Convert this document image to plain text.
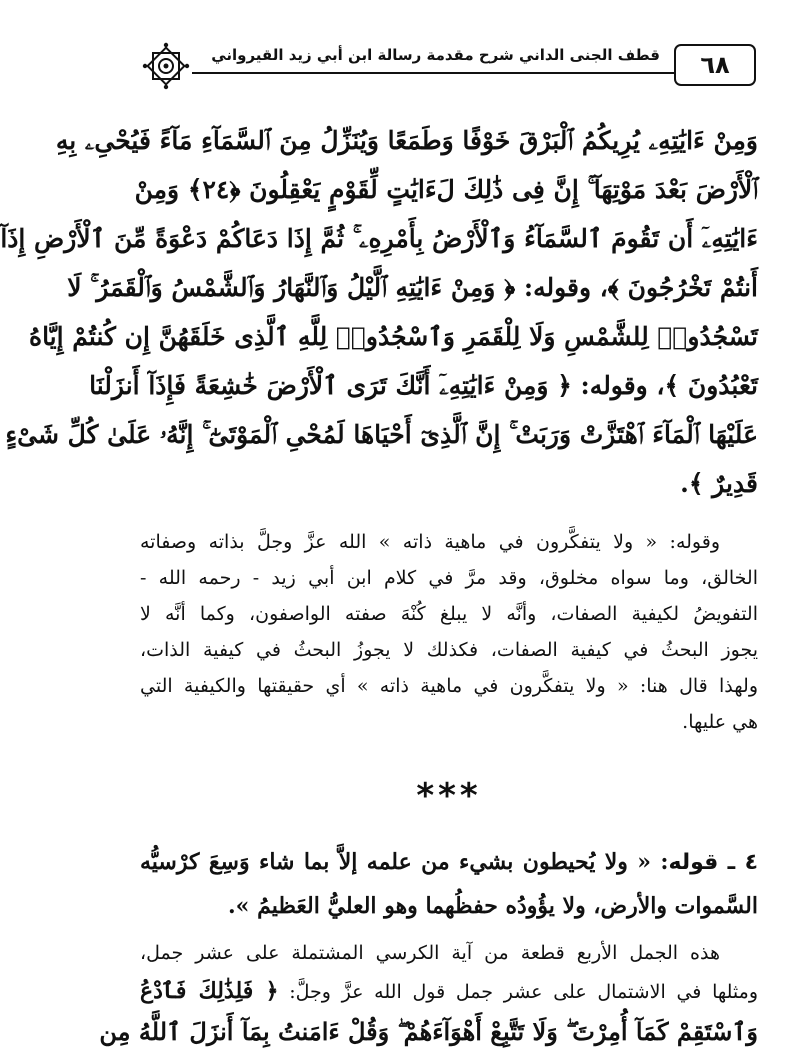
قطف الجنى الداني شرح مقدمة رسالة ابن أبي زيد القيرواني	٦٨
وَمِنْ ءَايَٰتِهِۦ يُرِيكُمُ ٱلْبَرْقَ خَوْفًا وَطَمَعًا وَيُنَزِّلُ مِنَ ٱلسَّمَآءِ مَآءً فَيُحْىِۦ بِهِ
ٱلْأَرْضَ بَعْدَ مَوْتِهَآ ۚ إِنَّ فِى ذَٰلِكَ لَءَايَٰتٍ لِّقَوْمٍ يَعْقِلُونَ ﴿٢٤﴾ وَمِنْ
ءَايَٰتِهِۦٓ أَن تَقُومَ ٱلسَّمَآءُ وَٱلْأَرْضُ بِأَمْرِهِۦ ۚ ثُمَّ إِذَا دَعَاكُمْ دَعْوَةً مِّنَ ٱلْأَرْضِ إِذَآ
أَنتُمْ تَخْرُجُونَ ﴾، وقوله: ﴿ وَمِنْ ءَايَٰتِهِ ٱلَّيْلُ وَٱلنَّهَارُ وَٱلشَّمْسُ وَٱلْقَمَرُ ۚ لَا
تَسْجُدُوا۟ لِلشَّمْسِ وَلَا لِلْقَمَرِ وَٱسْجُدُوا۟ لِلَّهِ ٱلَّذِى خَلَقَهُنَّ إِن كُنتُمْ إِيَّاهُ
تَعْبُدُونَ ﴾، وقوله: ﴿ وَمِنْ ءَايَٰتِهِۦٓ أَنَّكَ تَرَى ٱلْأَرْضَ خَٰشِعَةً فَإِذَآ أَنزَلْنَا
عَلَيْهَا ٱلْمَآءَ ٱهْتَزَّتْ وَرَبَتْ ۚ إِنَّ ٱلَّذِىٓ أَحْيَاهَا لَمُحْىِ ٱلْمَوْتَىٰٓ ۚ إِنَّهُۥ عَلَىٰ كُلِّ شَىْءٍ
قَدِيرٌ ﴾.
وقوله: « ولا يتفكَّرون في ماهية ذاته » الله عزَّ وجلَّ بذاته وصفاته
الخالق، وما سواه مخلوق، وقد مرَّ في كلام ابن أبي زيد - رحمه الله -
التفويضُ لكيفية الصفات، وأنَّه لا يبلغ كُنْهَ صفته الواصفون، وكما أنَّه لا
يجوز البحثُ في كيفية الصفات، فكذلك لا يجوزُ البحثُ في كيفية الذات،
ولهذا قال هنا: « ولا يتفكَّرون في ماهية ذاته » أي حقيقتها والكيفية التي
هي عليها.
***
٤ ـ قوله: « ولا يُحيطون بشيء من علمه إلاَّ بما شاء وَسِعَ كرْسيُّه
السَّموات والأرض، ولا يؤُودُه حفظُهما وهو العليُّ العَظيمُ ».
هذه الجمل الأربع قطعة من آية الكرسي المشتملة على عشر جمل،
ومثلها في الاشتمال على عشر جمل قول الله عزَّ وجلَّ: ﴿ فَلِذَٰلِكَ فَٱدْعُ
وَٱسْتَقِمْ كَمَآ أُمِرْتَ ۖ وَلَا تَتَّبِعْ أَهْوَآءَهُمْ ۖ وَقُلْ ءَامَنتُ بِمَآ أَنزَلَ ٱللَّهُ مِن
